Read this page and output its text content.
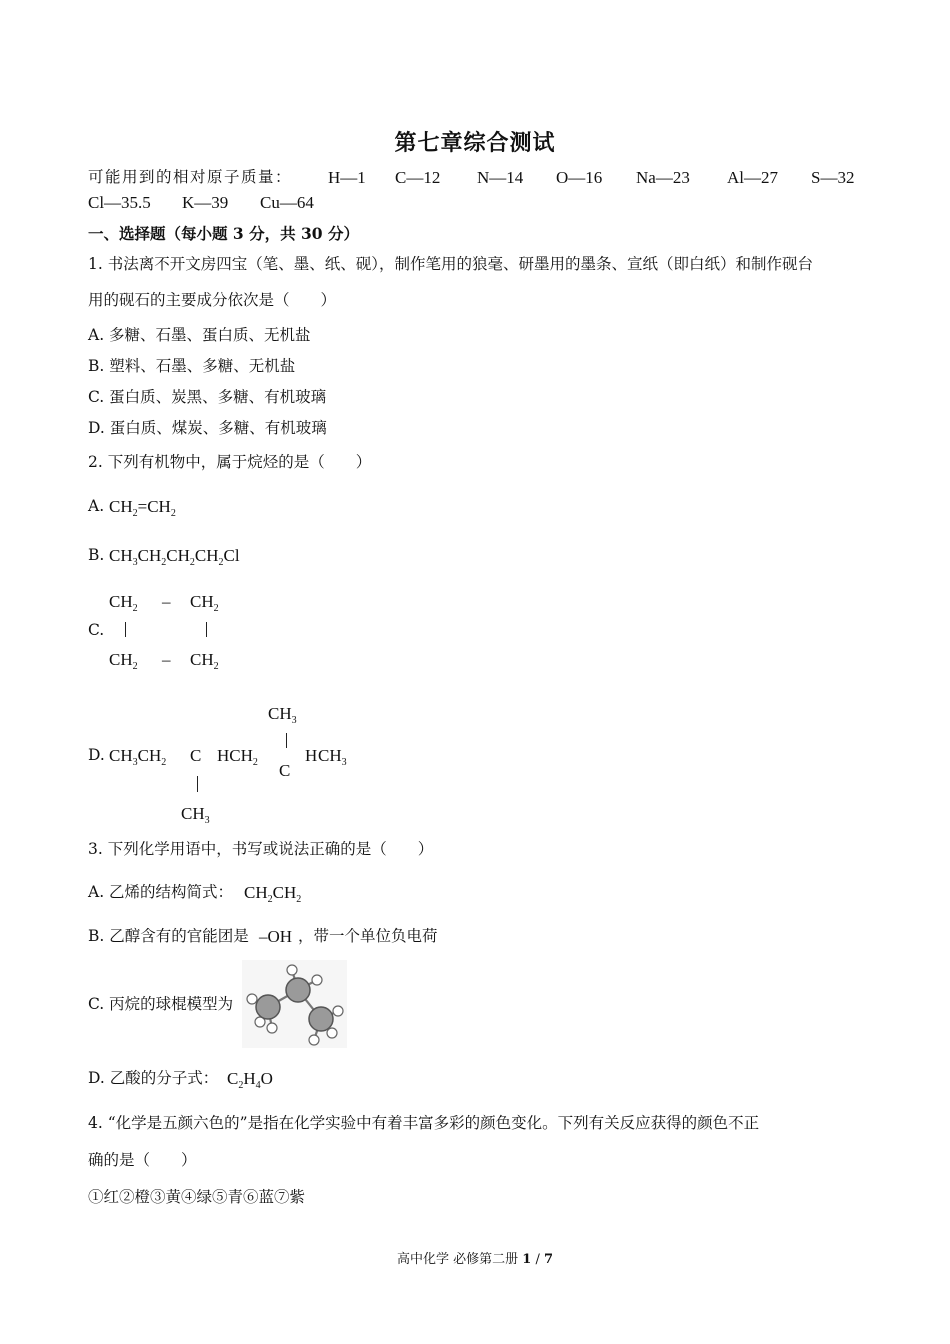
第七章综合测试
可能用到的相对原子质量： H—1 C—12 N—14 O—16 Na—23 Al—27 S—32
Cl—35.5 K—39 Cu—64
一、选择题（每小题 3 分，共 30 分）
1. 书法离不开文房四宝（笔、墨、纸、砚），制作笔用的狼毫、研墨用的墨条、宣纸（即白纸）和制作砚台
用的砚石的主要成分依次是（　　）
A. 多糖、石墨、蛋白质、无机盐
B. 塑料、石墨、多糖、无机盐
C. 蛋白质、炭黑、多糖、有机玻璃
D. 蛋白质、煤炭、多糖、有机玻璃
2. 下列有机物中，属于烷烃的是（　　）
A. $CH_2=CH_2$
B. $CH_3CH_2CH_2CH_2Cl$
$CH_2 - CH_2$
C.
$CH_2 - CH_2$
$CH_3$
D. $CH_3CH_2$ C $HCH_2$ C
H $CH_3$
$CH_3$
3. 下列化学用语中，书写或说法正确的是（　　）
A. 乙烯的结构简式： $CH_2CH_2$
B. 乙醇含有的官能团是 –OH ，带一个单位负电荷
C. 丙烷的球棍模型为
D. 乙酸的分子式： $C_2H_4O$
4. “化学是五颜六色的”是指在化学实验中有着丰富多彩的颜色变化。下列有关反应获得的颜色不正
确的是（　　）
①红②橙③黄④绿⑤青⑥蓝⑦紫
高中化学 必修第二册 1 / 7
